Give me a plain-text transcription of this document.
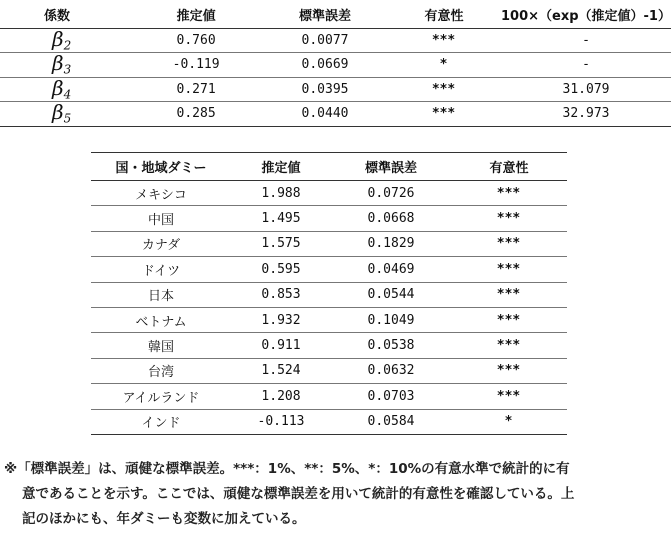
係数	推定値	標準誤差	有意性	100×（exp（推定値）-1）
$\beta_2$	0.760	0.0077	***	-
$\beta_3$	-0.119	0.0669	*	-
$\beta_4$	0.271	0.0395	***	31.079
$\beta_5$	0.285	0.0440	***	32.973
国・地域ダミー	推定値	標準誤差	有意性
メキシコ	1.988	0.0726	***
中国	1.495	0.0668	***
カナダ	1.575	0.1829	***
ドイツ	0.595	0.0469	***
日本	0.853	0.0544	***
ベトナム	1.932	0.1049	***
韓国	0.911	0.0538	***
台湾	1.524	0.0632	***
アイルランド	1.208	0.0703	***
インド	-0.113	0.0584	*
※「標準誤差」は、頑健な標準誤差。***：1%、**：5%、*：10%の有意水準で統計的に有
意であることを示す。ここでは、頑健な標準誤差を用いて統計的有意性を確認している。上
記のほかにも、年ダミーも変数に加えている。
